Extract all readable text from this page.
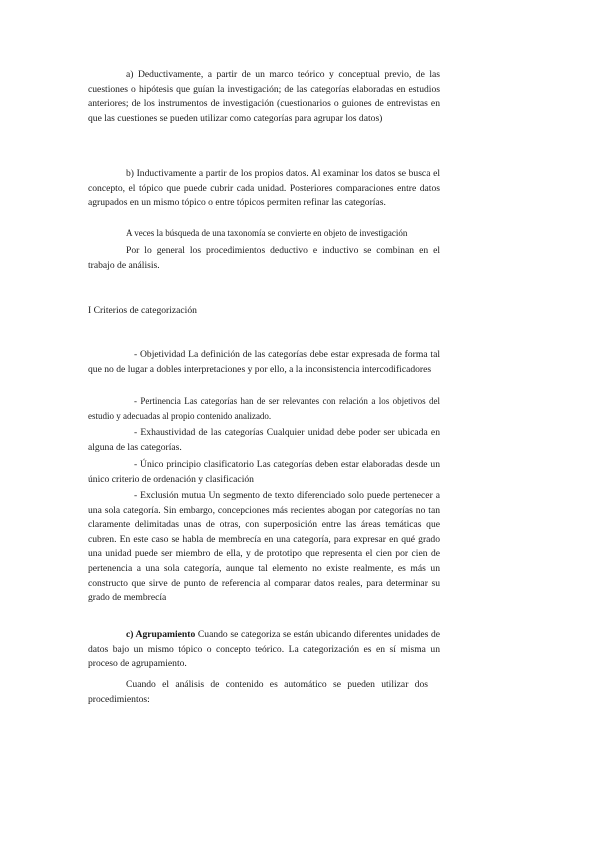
a) Deductivamente, a partir de un marco teórico y conceptual previo, de las cuestiones o hipótesis que guían la investigación; de las categorías elaboradas en estudios anteriores; de los instrumentos de investigación (cuestionarios o guiones de entrevistas en que las cuestiones se pueden utilizar como categorías para agrupar los datos)

b) Inductivamente a partir de los propios datos. Al examinar los datos se busca el concepto, el tópico que puede cubrir cada unidad. Posteriores comparaciones entre datos agrupados en un mismo tópico o entre tópicos permiten refinar las categorías.

A veces la búsqueda de una taxonomía se convierte en objeto de investigación

Por lo general los procedimientos deductivo e inductivo se combinan en el trabajo de análisis.

I Criterios de categorización

- Objetividad La definición de las categorías debe estar expresada de forma tal que no de lugar a dobles interpretaciones y por ello, a la inconsistencia intercodificadores

- Pertinencia Las categorías han de ser relevantes con relación a los objetivos del estudio y adecuadas al propio contenido analizado.

- Exhaustividad de las categorías Cualquier unidad debe poder ser ubicada en alguna de las categorías.

- Único principio clasificatorio Las categorías deben estar elaboradas desde un único criterio de ordenación y clasificación

- Exclusión mutua Un segmento de texto diferenciado solo puede pertenecer a una sola categoría. Sin embargo, concepciones más recientes abogan por categorías no tan claramente delimitadas unas de otras, con superposición entre las áreas temáticas que cubren. En este caso se habla de membrecía en una categoría, para expresar en qué grado una unidad puede ser miembro de ella, y de prototipo que representa el cien por cien de pertenencia a una sola categoría, aunque tal elemento no existe realmente, es más un constructo que sirve de punto de referencia al comparar datos reales, para determinar su grado de membrecía

c) Agrupamiento Cuando se categoriza se están ubicando diferentes unidades de datos bajo un mismo tópico o concepto teórico. La categorización es en sí misma un proceso de agrupamiento.

Cuando el análisis de contenido es automático se pueden utilizar dos procedimientos:
